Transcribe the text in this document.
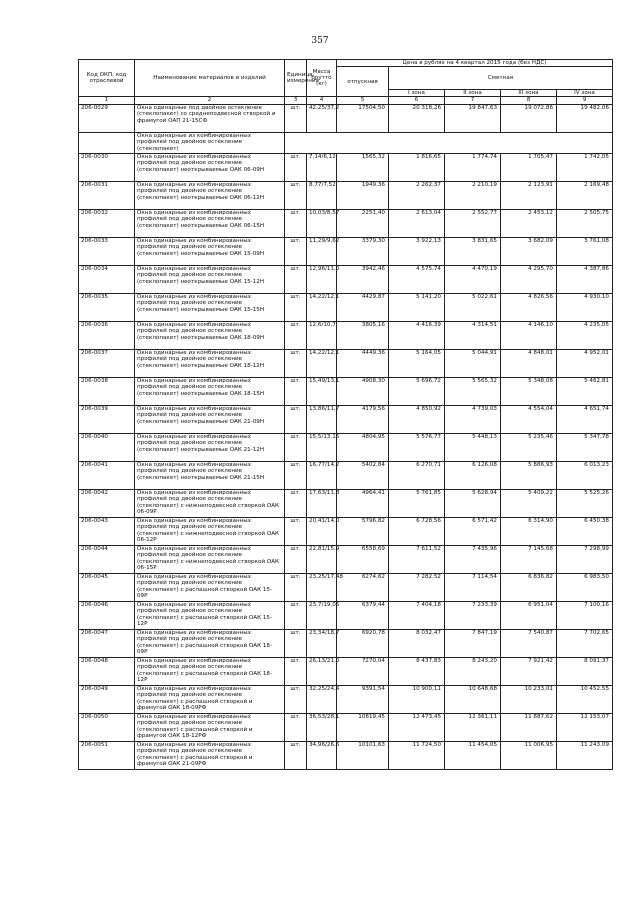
357
Код ОКП, код отраслевой	Наименование материалов и изделий	Единица измерения	Масса брутто (кг)	Цена в рублях на 4 квартал 2015 года (без НДС)				
				отпускная	Сметная			
					I зона	II зона	III зона	IV зона
1	2	3	4	5	6	7	8	9
206-0029	Окна одинарные под двойное остекление (стеклопакет) со среднеподвесной створкой и фрамугой ОАП 21-15СФ	шт.	42,25/37,2	17504,50	20 318,26	19 847,63	19 072,86	19 482,06
	Окна одинарные из комбинированных профилей под двойное остекление (стеклопакет)							
206-0030	Окна одинарные из комбинированных профилей под двойное остекление (стеклопакет) неоткрываемые ОАК 06-09Н	шт.	7,14/6,12	1565,32	1 816,65	1 774,74	1 705,47	1 742,05
206-0031	Окна одинарные из комбинированных профилей под двойное остекление (стеклопакет) неоткрываемые ОАК 06-12Н	шт.	8,77/7,52	1949,36	2 262,37	2 210,19	2 123,91	2 169,48
206-0032	Окна одинарные из комбинированных профилей под двойное остекление (стеклопакет) неоткрываемые ОАК 06-15Н	шт.	10,03/8,57	2251,40	2 613,04	2 552,77	2 453,12	2 505,75
206-0033	Окна одинарные из комбинированных профилей под двойное остекление (стеклопакет) неоткрываемые ОАК 15-09Н	шт.	11,29/9,62	3379,30	3 922,13	3 831,65	3 682,09	3 761,08
206-0034	Окна одинарные из комбинированных профилей под двойное остекление (стеклопакет) неоткрываемые ОАК 15-12Н	шт.	12,96/11,0	3942,46	4 575,74	4 470,19	4 295,70	4 387,86
206-0035	Окна одинарные из комбинированных профилей под двойное остекление (стеклопакет) неоткрываемые ОАК 15-15Н	шт.	14,22/12,1	4429,87	5 141,20	5 022,61	4 826,56	4 930,10
206-0036	Окна одинарные из комбинированных профилей под двойное остекление (стеклопакет) неоткрываемые ОАК 18-09Н	шт.	12,6/10,7	3805,16	4 416,39	4 314,51	4 146,10	4 235,05
206-0037	Окна одинарные из комбинированных профилей под двойное остекление (стеклопакет) неоткрываемые ОАК 18-12Н	шт.	14,22/12,1	4449,36	5 164,05	5 044,91	4 848,01	4 952,01
206-0038	Окна одинарные из комбинированных профилей под двойное остекление (стеклопакет) неоткрываемые ОАК 18-15Н	шт.	15,49/13,1	4908,30	5 696,72	5 565,32	5 348,08	5 462,81
206-0039	Окна одинарные из комбинированных профилей под двойное остекление (стеклопакет) неоткрываемые ОАК 21-09Н	шт.	13,86/11,7	4179,56	4 850,92	4 739,03	4 554,04	4 651,74
206-0040	Окна одинарные из комбинированных профилей под двойное остекление (стеклопакет) неоткрываемые ОАК 21-12Н	шт.	15,5/13,16	4804,95	5 576,77	5 448,13	5 235,46	5 347,78
206-0041	Окна одинарные из комбинированных профилей под двойное остекление (стеклопакет) неоткрываемые ОАК 21-15Н	шт.	16,77/14,2	5402,84	6 270,71	6 126,08	5 886,93	6 013,23
206-0042	Окна одинарные из комбинированных профилей под двойное остекление (стеклопакет) с нижнеподвесной створкой ОАК 06-09Р	шт.	17,63/11,8	4964,41	5 761,85	5 628,94	5 409,22	5 525,26
206-0043	Окна одинарные из комбинированных профилей под двойное остекление (стеклопакет) с нижнеподвесной створкой ОАК 06-12Р	шт.	20,41/14,0	5796,82	6 728,56	6 571,42	6 314,90	6 450,38
206-0044	Окна одинарные из комбинированных профилей под двойное остекление (стеклопакет) с нижнеподвесной створкой ОАК 06-15Р	шт.	22,81/15,9	6558,69	7 611,52	7 435,96	7 145,68	7 298,99
206-0045	Окна одинарные из комбинированных профилей под двойное остекление (стеклопакет) с распашной створкой ОАК 15-09Р	шт.	23,25/17,48	6274,62	7 282,52	7 114,54	6 836,82	6 983,50
206-0046	Окна одинарные из комбинированных профилей под двойное остекление (стеклопакет) с распашной створкой ОАК 15-12Р	шт.	23,7/19,06	6379,44	7 404,18	7 233,39	6 951,04	7 100,16
206-0047	Окна одинарные из комбинированных профилей под двойное остекление (стеклопакет) с распашной створкой ОАК 18-09Р	шт.	23,34/18,7	6920,78	8 032,47	7 847,19	7 540,87	7 702,65
206-0048	Окна одинарные из комбинированных профилей под двойное остекление (стеклопакет) с распашной створкой ОАК 18-12Р	шт.	26,13/21,0	7270,04	8 437,83	8 243,20	7 921,42	8 091,37
206-0049	Окна одинарные из комбинированных профилей под двойное остекление (стеклопакет) с распашной створкой и фрамугой ОАК 18-09РФ	шт.	32,25/24,4	9391,54	10 900,11	10 648,68	10 233,01	10 452,55
206-0050	Окна одинарные из комбинированных профилей под двойное остекление (стеклопакет) с распашной створкой и фрамугой ОАК 18-12РФ	шт.	36,53/28,1	10819,45	12 473,45	12 361,11	11 887,62	12 153,07
206-0051	Окна одинарные из комбинированных профилей под двойное остекление (стеклопакет) с распашной створкой и фрамугой ОАК 21-09РФ	шт.	34,96/26,6	10101,63	11 724,50	11 454,05	11 006,95	11 243,09
